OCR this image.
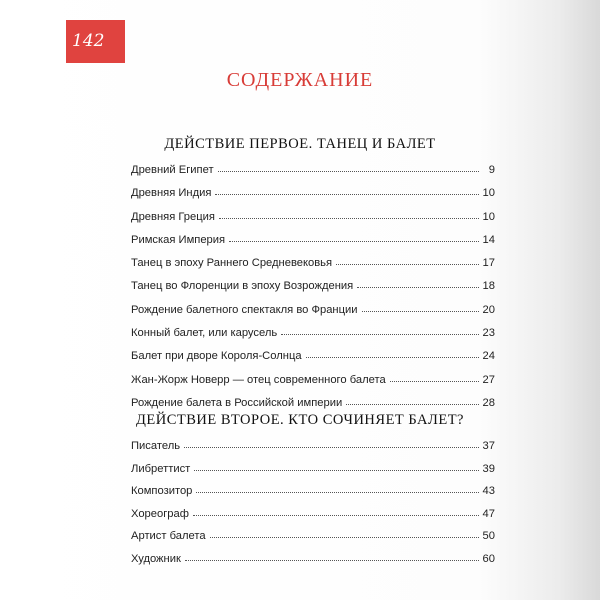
142
СОДЕРЖАНИЕ
ДЕЙСТВИЕ ПЕРВОЕ. ТАНЕЦ И БАЛЕТ
Древний Египет	9
Древняя Индия	10
Древняя Греция	10
Римская Империя	14
Танец в эпоху Раннего Средневековья	17
Танец во Флоренции в эпоху Возрождения	18
Рождение балетного спектакля во Франции	20
Конный балет, или карусель	23
Балет при дворе Короля-Солнца	24
Жан-Жорж Новерр — отец современного балета	27
Рождение балета в Российской империи	28
ДЕЙСТВИЕ ВТОРОЕ. КТО СОЧИНЯЕТ БАЛЕТ?
Писатель	37
Либреттист	39
Композитор	43
Хореограф	47
Артист балета	50
Художник	60
